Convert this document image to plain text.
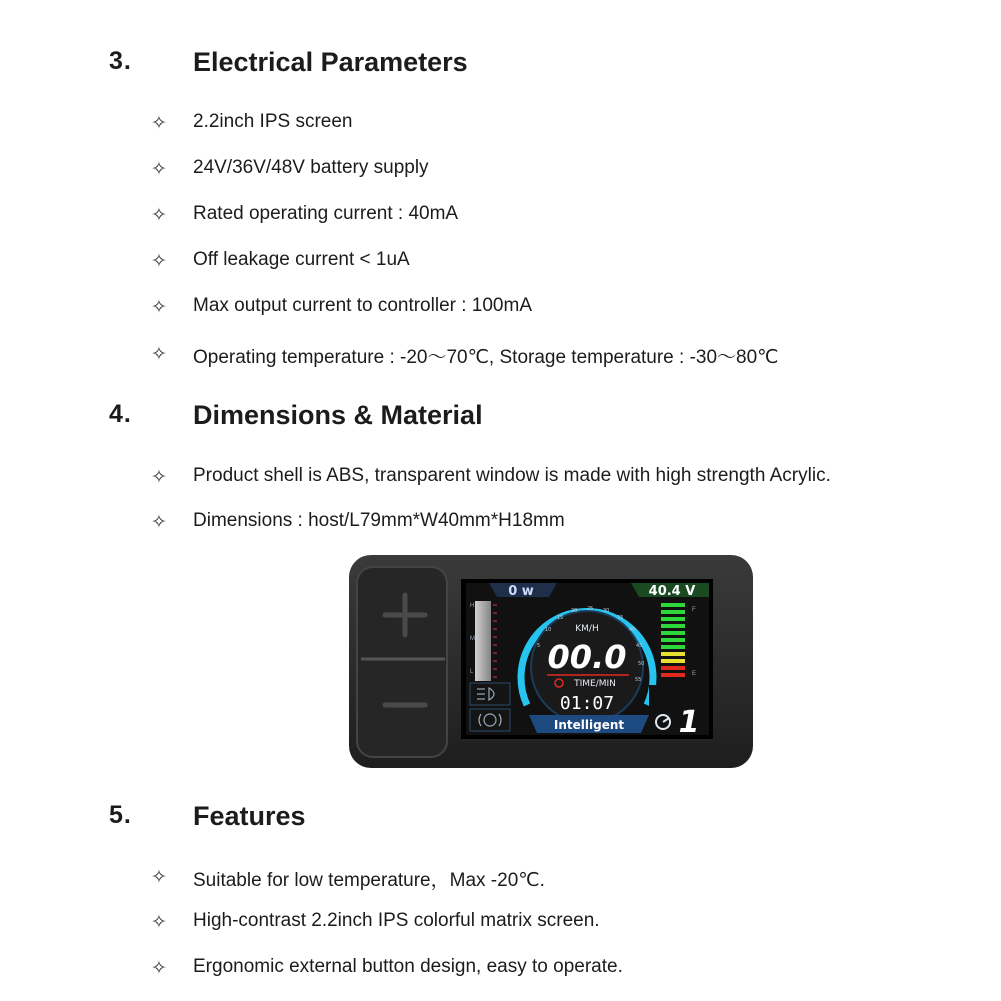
3. Electrical Parameters
✧ 2.2inch IPS screen
✧ 24V/36V/48V battery supply
✧ Rated operating current : 40mA
✧ Off leakage current < 1uA
✧ Max output current to controller : 100mA
✧ Operating temperature : -20～70℃, Storage temperature : -30～80℃
4. Dimensions & Material
✧ Product shell is ABS, transparent window is made with high strength Acrylic.
✧ Dimensions : host/L79mm*W40mm*H18mm
0 w	40.4 V
H
M
L
10
15
20 25 30
35
40
45
50
55
5
KM/H
00.0
TIME/MIN
01:07
F
E
Intelligent 1
5. Features
✧ Suitable for low temperature，Max -20℃.
✧ High-contrast 2.2inch IPS colorful matrix screen.
✧ Ergonomic external button design, easy to operate.
